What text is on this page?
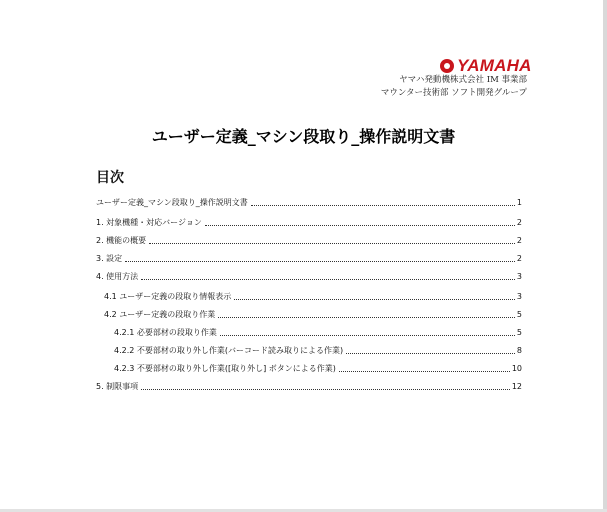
YAMAHA
ヤマハ発動機株式会社 IM 事業部
マウンター技術部 ソフト開発グループ
ユーザー定義_マシン段取り_操作説明文書
目次
ユーザー定義_マシン段取り_操作説明文書	1
1. 対象機種・対応バージョン	2
2. 機能の概要	2
3. 設定	2
4. 使用方法	3
4.1 ユーザー定義の段取り情報表示	3
4.2 ユーザー定義の段取り作業	5
4.2.1 必要部材の段取り作業	5
4.2.2 不要部材の取り外し作業(バーコード読み取りによる作業)	8
4.2.3 不要部材の取り外し作業([取り外し] ボタンによる作業)	10
5. 制限事項	12
